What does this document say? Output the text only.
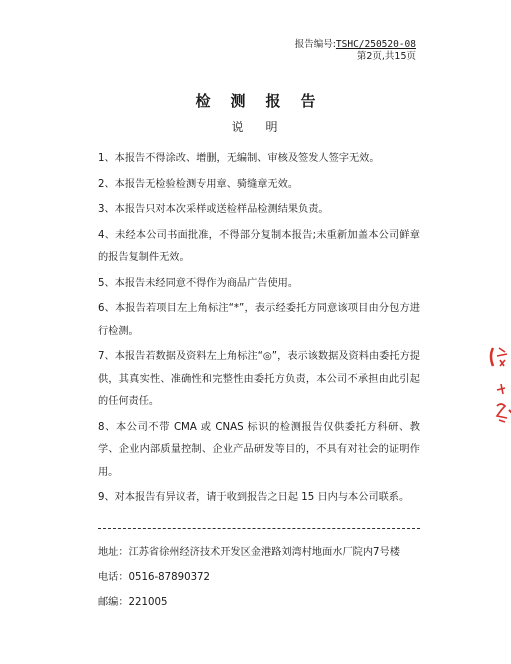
报告编号:TSHC/250520-08
第2页,共15页
检测报告
说明
1、本报告不得涂改、增删，无编制、审核及签发人签字无效。
2、本报告无检验检测专用章、骑缝章无效。
3、本报告只对本次采样或送检样品检测结果负责。
4、未经本公司书面批准，不得部分复制本报告;未重新加盖本公司鲜章的报告复制件无效。
5、本报告未经同意不得作为商品广告使用。
6、本报告若项目左上角标注“*”，表示经委托方同意该项目由分包方进行检测。
7、本报告若数据及资料左上角标注“◎”，表示该数据及资料由委托方提供，其真实性、准确性和完整性由委托方负责，本公司不承担由此引起的任何责任。
8、本公司不带 CMA 或 CNAS 标识的检测报告仅供委托方科研、教学、企业内部质量控制、企业产品研发等目的，不具有对社会的证明作用。
9、对本报告有异议者，请于收到报告之日起 15 日内与本公司联系。
地址：江苏省徐州经济技术开发区金港路刘湾村地面水厂院内7号楼
电话：0516-87890372
邮编：221005
